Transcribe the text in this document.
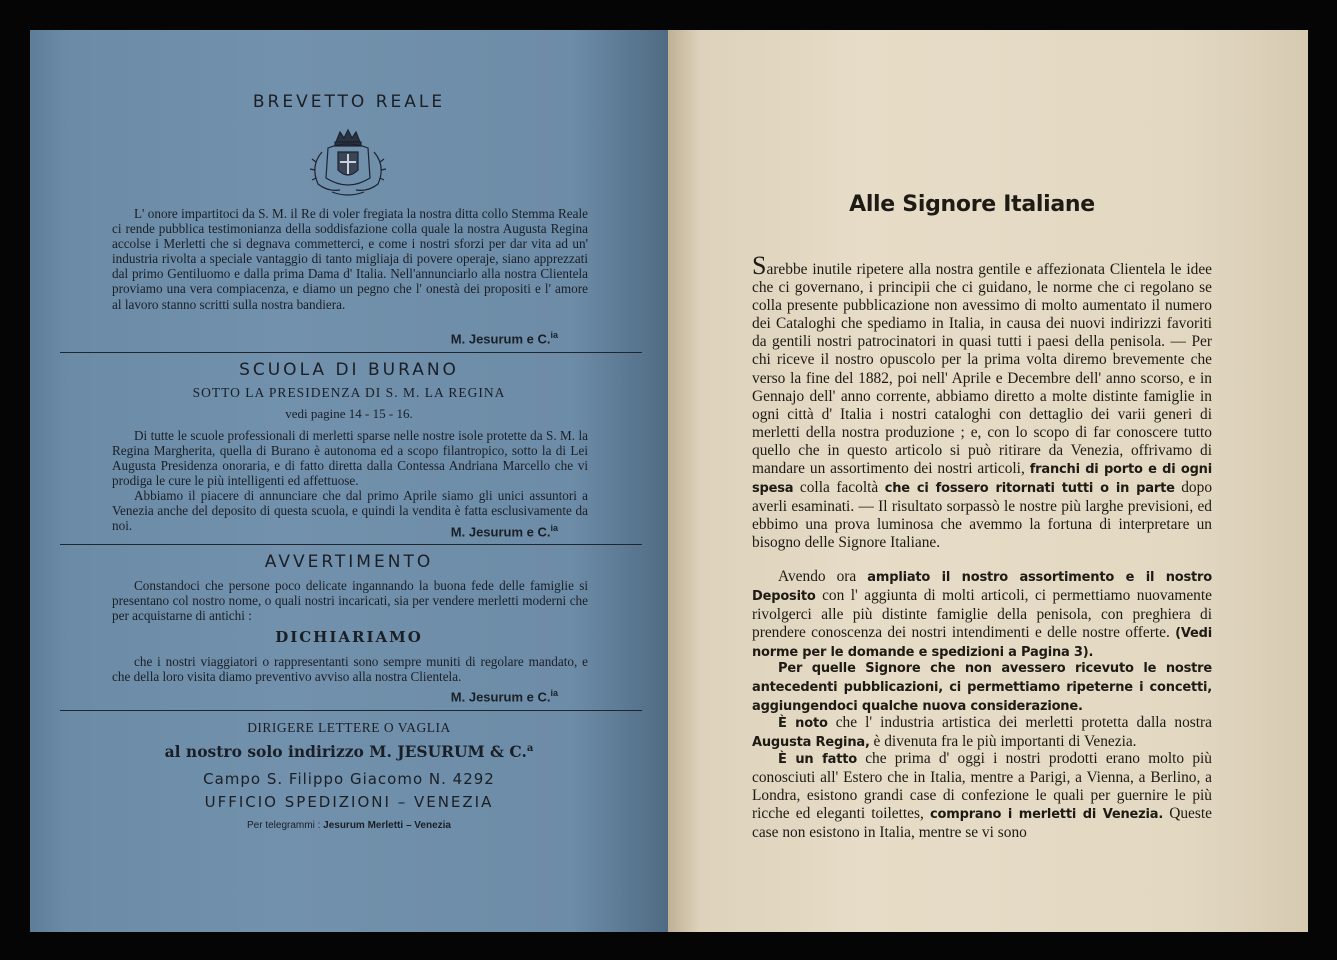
BREVETTO REALE
L' onore impartitoci da S. M. il Re di voler fregiata la nostra ditta collo Stemma Reale ci rende pubblica testimonianza della soddisfazione colla quale la nostra Augusta Regina accolse i Merletti che si degnava commetterci, e come i nostri sforzi per dar vita ad un' industria rivolta a speciale vantaggio di tanto migliaja di povere operaje, siano apprezzati dal primo Gentiluomo e dalla prima Dama d' Italia. Nell'annunciarlo alla nostra Clientela proviamo una vera compiacenza, e diamo un pegno che l' onestà dei propositi e l' amore al lavoro stanno scritti sulla nostra bandiera.
M. Jesurum e C.$^{ia}$
SCUOLA DI BURANO
SOTTO LA PRESIDENZA DI S. M. LA REGINA
vedi pagine 14 - 15 - 16.
Di tutte le scuole professionali di merletti sparse nelle nostre isole protette da S. M. la Regina Margherita, quella di Burano è autonoma ed a scopo filantropico, sotto la di Lei Augusta Presidenza onoraria, e di fatto diretta dalla Contessa Andriana Marcello che vi prodiga le cure le più intelligenti ed affettuose.
Abbiamo il piacere di annunciare che dal primo Aprile siamo gli unici assuntori a Venezia anche del deposito di questa scuola, e quindi la vendita è fatta esclusivamente da noi.	M. Jesurum e C.$^{ia}$
AVVERTIMENTO
Constandoci che persone poco delicate ingannando la buona fede delle famiglie si presentano col nostro nome, o quali nostri incaricati, sia per vendere merletti moderni che per acquistarne di antichi :
DICHIARIAMO
che i nostri viaggiatori o rappresentanti sono sempre muniti di regolare mandato, e che della loro visita diamo preventivo avviso alla nostra Clientela.
M. Jesurum e C.$^{ia}$
DIRIGERE LETTERE O VAGLIA
al nostro solo indirizzo M. JESURUM & C.$^a$
Campo S. Filippo Giacomo N. 4292
UFFICIO SPEDIZIONI – VENEZIA
Per telegrammi : Jesurum Merletti – Venezia
Alle Signore Italiane
Sarebbe inutile ripetere alla nostra gentile e affezionata Clientela le idee che ci governano, i principii che ci guidano, le norme che ci regolano se colla presente pubblicazione non avessimo di molto aumentato il numero dei Cataloghi che spediamo in Italia, in causa dei nuovi indirizzi favoriti da gentili nostri patrocinatori in quasi tutti i paesi della penisola. — Per chi riceve il nostro opuscolo per la prima volta diremo brevemente che verso la fine del 1882, poi nell' Aprile e Decembre dell' anno scorso, e in Gennajo dell' anno corrente, abbiamo diretto a molte distinte famiglie in ogni città d' Italia i nostri cataloghi con dettaglio dei varii generi di merletti della nostra produzione ; e, con lo scopo di far conoscere tutto quello che in questo articolo si può ritirare da Venezia, offrivamo di mandare un assortimento dei nostri articoli, franchi di porto e di ogni spesa colla facoltà che ci fossero ritornati tutti o in parte dopo averli esaminati. — Il risultato sorpassò le nostre più larghe previsioni, ed ebbimo una prova luminosa che avemmo la fortuna di interpretare un bisogno delle Signore Italiane.
Avendo ora ampliato il nostro assortimento e il nostro Deposito con l' aggiunta di molti articoli, ci permettiamo nuovamente rivolgerci alle più distinte famiglie della penisola, con preghiera di prendere conoscenza dei nostri intendimenti e delle nostre offerte. (Vedi norme per le domande e spedizioni a Pagina 3).
Per quelle Signore che non avessero ricevuto le nostre antecedenti pubblicazioni, ci permettiamo ripeterne i concetti, aggiungendoci qualche nuova considerazione.
È noto che l' industria artistica dei merletti protetta dalla nostra Augusta Regina, è divenuta fra le più importanti di Venezia.
È un fatto che prima d' oggi i nostri prodotti erano molto più conosciuti all' Estero che in Italia, mentre a Parigi, a Vienna, a Berlino, a Londra, esistono grandi case di confezione le quali per guernire le più ricche ed eleganti toilettes, comprano i merletti di Venezia. Queste case non esistono in Italia, mentre se vi sono
